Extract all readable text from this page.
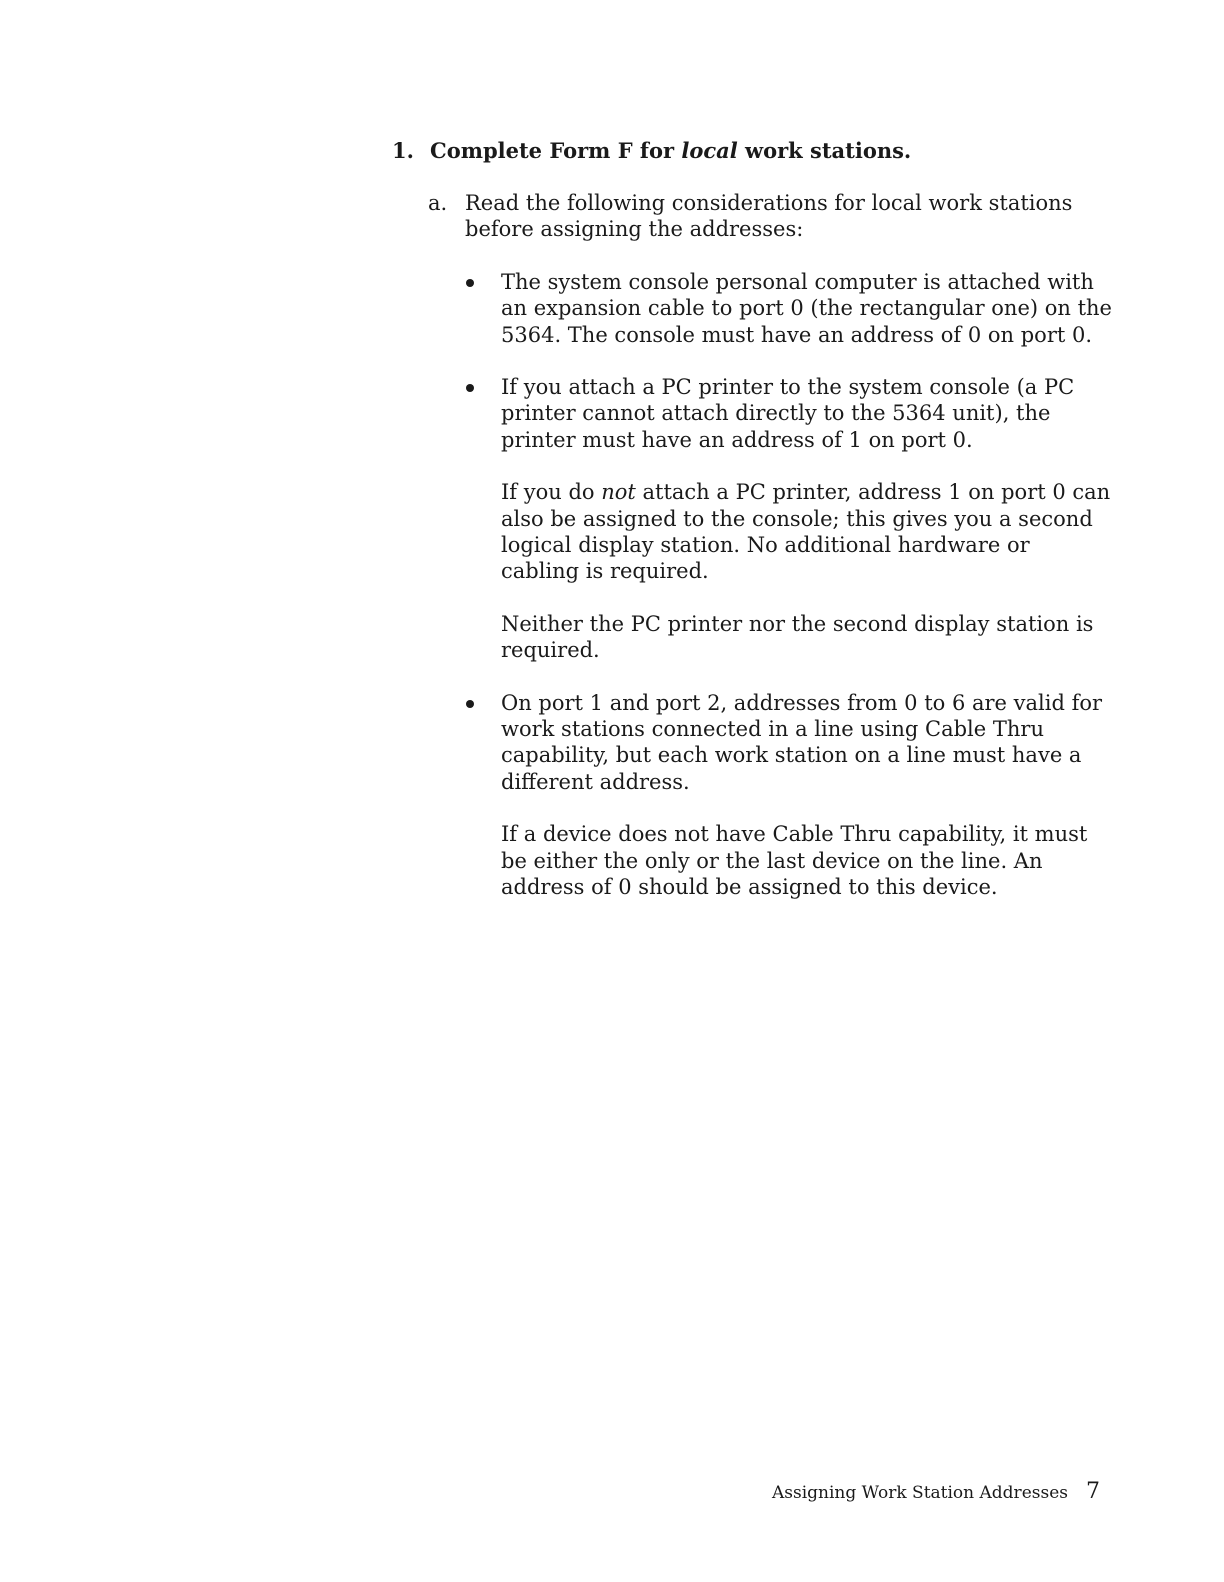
1. Complete Form F for local work stations.
a. Read the following considerations for local work stations
before assigning the addresses:

The system console personal computer is attached with
an expansion cable to port 0 (the rectangular one) on the
5364. The console must have an address of 0 on port 0.

If you attach a PC printer to the system console (a PC
printer cannot attach directly to the 5364 unit), the
printer must have an address of 1 on port 0.

If you do not attach a PC printer, address 1 on port 0 can
also be assigned to the console; this gives you a second
logical display station. No additional hardware or
cabling is required.

Neither the PC printer nor the second display station is
required.

On port 1 and port 2, addresses from 0 to 6 are valid for
work stations connected in a line using Cable Thru
capability, but each work station on a line must have a
different address.

If a device does not have Cable Thru capability, it must
be either the only or the last device on the line. An
address of 0 should be assigned to this device.

Assigning Work Station Addresses 7
